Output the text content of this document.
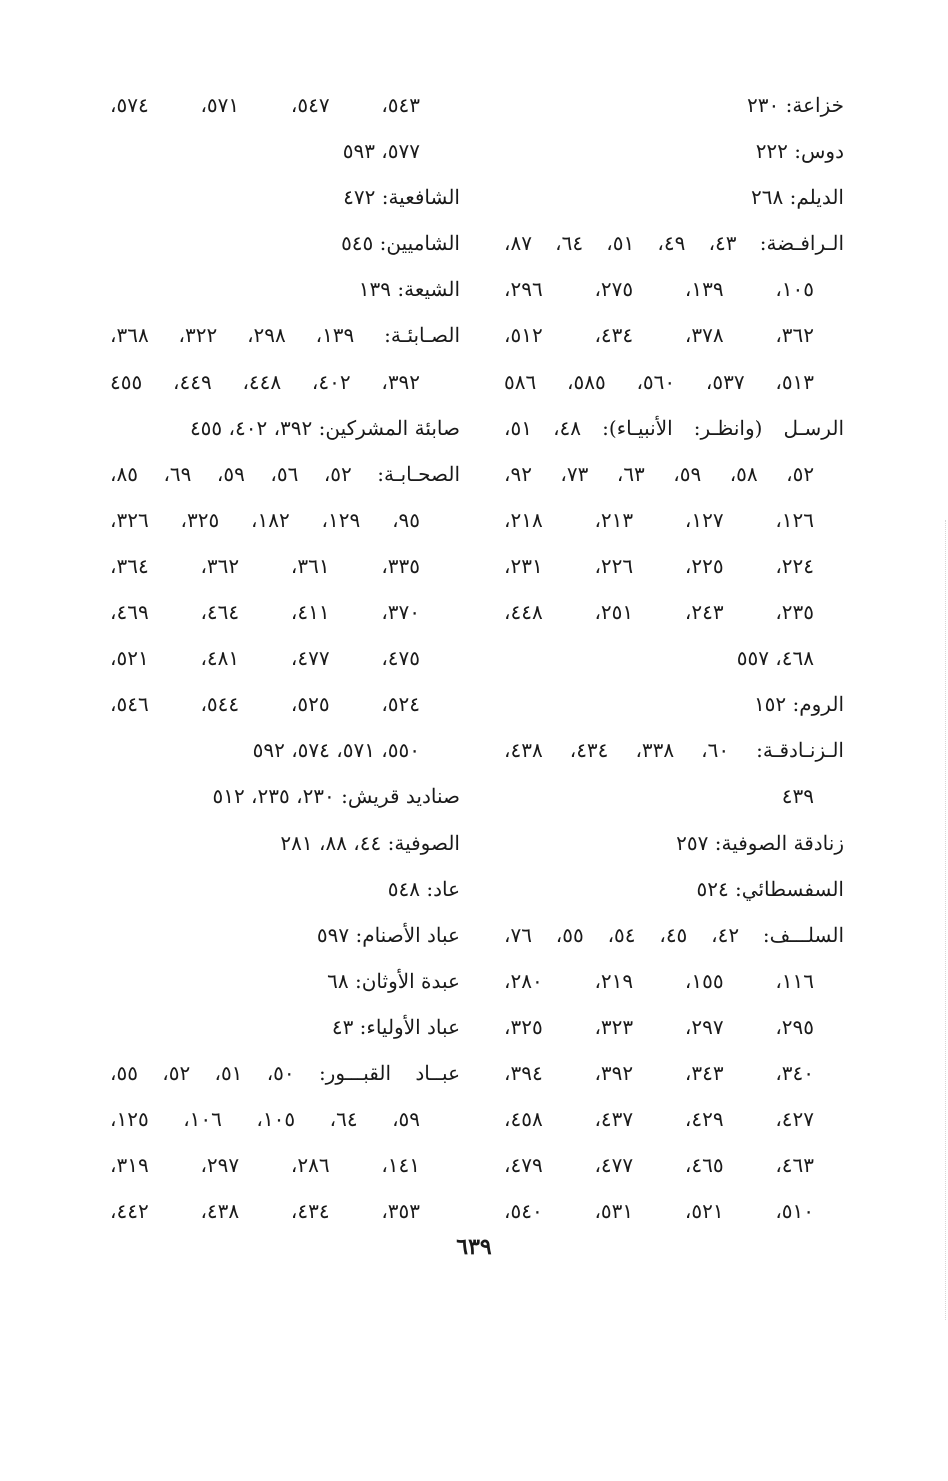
خزاعة: ٢٣٠
دوس: ٢٢٢
الديلم: ٢٦٨
الـرافـضة: ٤٣، ٤٩، ٥١، ٦٤، ٨٧،
١٠٥، ١٣٩، ٢٧٥، ٢٩٦،
٣٦٢، ٣٧٨، ٤٣٤، ٥١٢،
٥١٣، ٥٣٧، ٥٦٠، ٥٨٥، ٥٨٦
الرسـل (وانظـر: الأنبيـاء): ٤٨، ٥١،
٥٢، ٥٨، ٥٩، ٦٣، ٧٣، ٩٢،
١٢٦، ١٢٧، ٢١٣، ٢١٨،
٢٢٤، ٢٢٥، ٢٢٦، ٢٣١،
٢٣٥، ٢٤٣، ٢٥١، ٤٤٨،
٤٦٨، ٥٥٧
الروم: ١٥٢
الـزنـادقـة: ٦٠، ٣٣٨، ٤٣٤، ٤٣٨،
٤٣٩
زنادقة الصوفية: ٢٥٧
السفسطائي: ٥٢٤
السلـــف: ٤٢، ٤٥، ٥٤، ٥٥، ٧٦،
١١٦، ١٥٥، ٢١٩، ٢٨٠،
٢٩٥، ٢٩٧، ٣٢٣، ٣٢٥،
٣٤٠، ٣٤٣، ٣٩٢، ٣٩٤،
٤٢٧، ٤٢٩، ٤٣٧، ٤٥٨،
٤٦٣، ٤٦٥، ٤٧٧، ٤٧٩،
٥١٠، ٥٢١، ٥٣١، ٥٤٠،
٥٤٣، ٥٤٧، ٥٧١، ٥٧٤،
٥٧٧، ٥٩٣
الشافعية: ٤٧٢
الشاميين: ٥٤٥
الشيعة: ١٣٩
الصـابئـة: ١٣٩، ٢٩٨، ٣٢٢، ٣٦٨،
٣٩٢، ٤٠٢، ٤٤٨، ٤٤٩، ٤٥٥
صابئة المشركين: ٣٩٢، ٤٠٢، ٤٥٥
الصحـابـة: ٥٢، ٥٦، ٥٩، ٦٩، ٨٥،
٩٥، ١٢٩، ١٨٢، ٣٢٥، ٣٢٦،
٣٣٥، ٣٦١، ٣٦٢، ٣٦٤،
٣٧٠، ٤١١، ٤٦٤، ٤٦٩،
٤٧٥، ٤٧٧، ٤٨١، ٥٢١،
٥٢٤، ٥٢٥، ٥٤٤، ٥٤٦،
٥٥٠، ٥٧١، ٥٧٤، ٥٩٢
صناديد قريش: ٢٣٠، ٢٣٥، ٥١٢
الصوفية: ٤٤، ٨٨، ٢٨١
عاد: ٥٤٨
عباد الأصنام: ٥٩٧
عبدة الأوثان: ٦٨
عباد الأولياء: ٤٣
عبــاد القبـــور: ٥٠، ٥١، ٥٢، ٥٥،
٥٩، ٦٤، ١٠٥، ١٠٦، ١٢٥،
١٤١، ٢٨٦، ٢٩٧، ٣١٩،
٣٥٣، ٤٣٤، ٤٣٨، ٤٤٢،
٦٣٩
